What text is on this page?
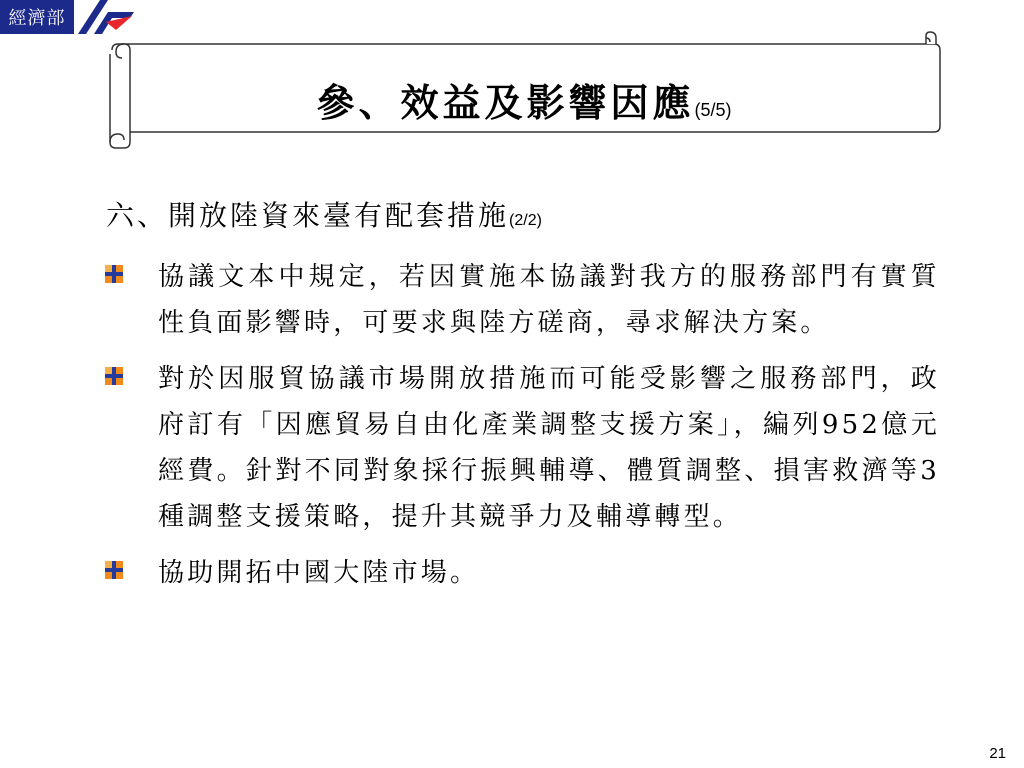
經濟部
參、效益及影響因應(5/5)
六、開放陸資來臺有配套措施(2/2)
協議文本中規定，若因實施本協議對我方的服務部門有實質性負面影響時，可要求與陸方磋商，尋求解決方案。
對於因服貿協議市場開放措施而可能受影響之服務部門，政府訂有「因應貿易自由化產業調整支援方案」，編列952億元經費。針對不同對象採行振興輔導、體質調整、損害救濟等3種調整支援策略，提升其競爭力及輔導轉型。
協助開拓中國大陸市場。
21
